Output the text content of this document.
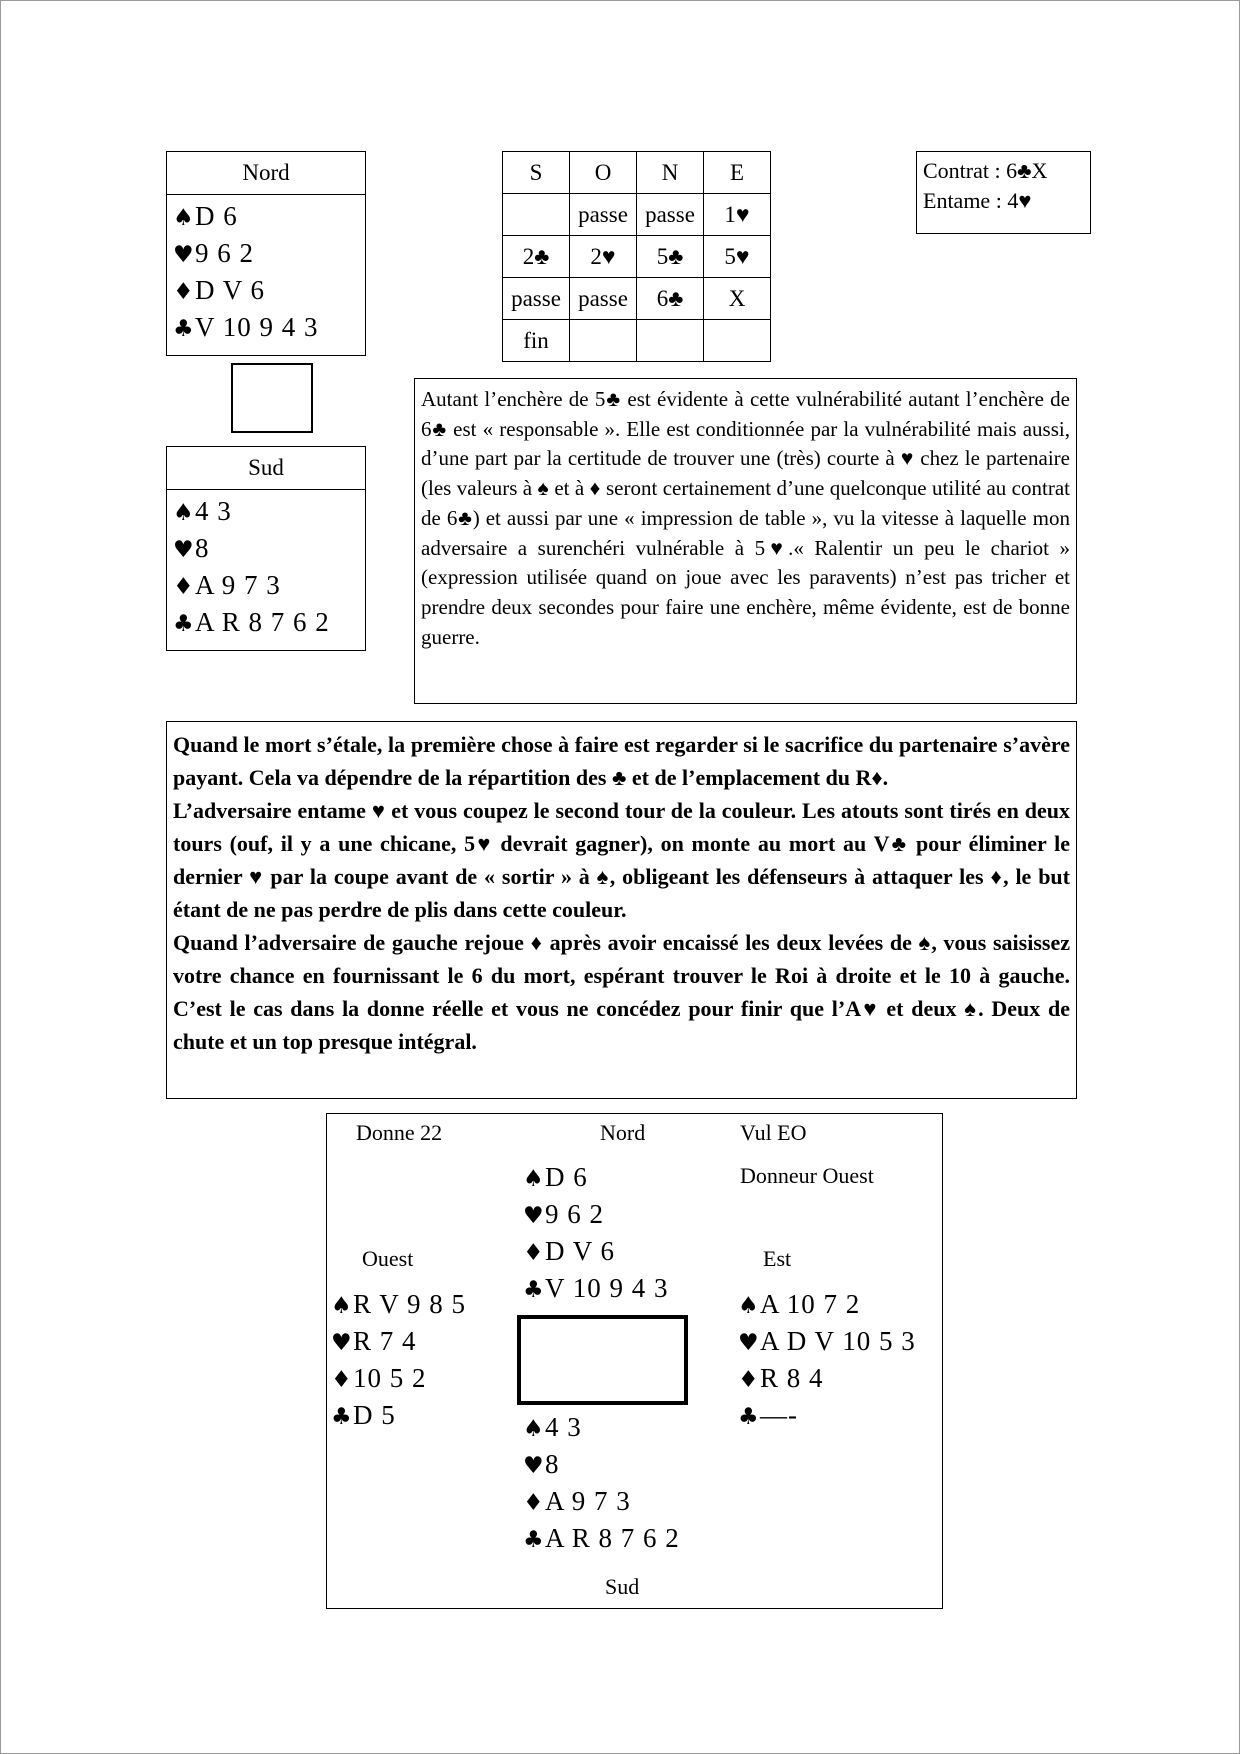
Nord
♠D 6
♥9 6 2
♦D V 6
♣V 10 9 4 3
Sud
♠4 3
♥8
♦A 9 7 3
♣A R 8 7 6 2
S	O	N	E
	passe	passe	1♥
2♣	2♥	5♣	5♥
passe	passe	6♣	X
fin			
Contrat : 6♣X
Entame : 4♥
Autant l’enchère de 5♣ est évidente à cette vulnérabilité autant l’enchère de 6♣ est « responsable ». Elle est conditionnée par la vulnérabilité mais aussi, d’une part par la certitude de trouver une (très) courte à ♥ chez le partenaire (les valeurs à ♠ et à ♦ seront certainement d’une quelconque utilité au contrat de 6♣) et aussi par une « impression de table », vu la vitesse à laquelle mon adversaire a surenchéri vulnérable à 5♥.« Ralentir un peu le chariot » (expression utilisée quand on joue avec les paravents) n’est pas tricher et prendre deux secondes pour faire une enchère, même évidente, est de bonne guerre.
Quand le mort s’étale, la première chose à faire est regarder si le sacrifice du partenaire s’avère payant. Cela va dépendre de la répartition des ♣ et de l’emplacement du R♦.
L’adversaire entame ♥ et vous coupez le second tour de la couleur. Les atouts sont tirés en deux tours (ouf, il y a une chicane, 5♥ devrait gagner), on monte au mort au V♣ pour éliminer le dernier ♥ par la coupe avant de « sortir » à ♠, obligeant les défenseurs à attaquer les ♦, le but étant de ne pas perdre de plis dans cette couleur.
Quand l’adversaire de gauche rejoue ♦ après avoir encaissé les deux levées de ♠, vous saisissez votre chance en fournissant le 6 du mort, espérant trouver le Roi à droite et le 10 à gauche. C’est le cas dans la donne réelle et vous ne concédez pour finir que l’A♥ et deux ♠. Deux de chute et un top presque intégral.
Donne 22	Nord	Vul EO
Donneur Ouest
Ouest	Est
Sud
♠D 6
♥9 6 2
♦D V 6
♣V 10 9 4 3
♠R V 9 8 5
♥R 7 4
♦10 5 2
♣D 5
♠A 10 7 2
♥A D V 10 5 3
♦R 8 4
♣—-
♠4 3
♥8
♦A 9 7 3
♣A R 8 7 6 2
